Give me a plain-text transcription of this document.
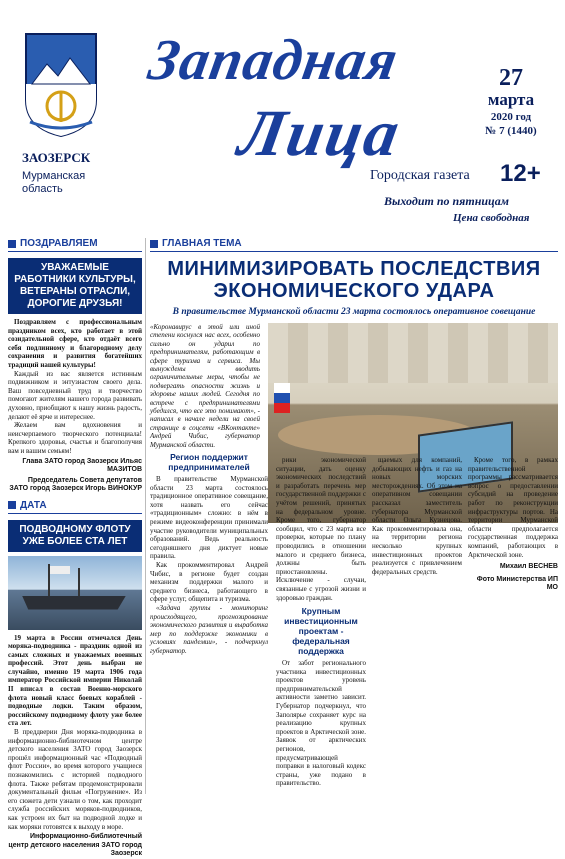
ЗАОЗЕРСК
Мурманская область
Западная
Лица
27
марта
2020 год
№ 7 (1440)
Городская газета 12+
Выходит по пятницам
Цена свободная
ПОЗДРАВЛЯЕМ
УВАЖАЕМЫЕ РАБОТНИКИ КУЛЬТУРЫ, ВЕТЕРАНЫ ОТРАСЛИ, ДОРОГИЕ ДРУЗЬЯ!

Поздравляем с профессиональным праздником всех, кто работает в этой созидательной сфере, кто отдаёт всего себя подлинному и благородному делу сохранения и развития богатейших традиций нашей культуры!

Каждый из вас является истинным подвижником и энтузиастом своего дела. Ваш повседневный труд и творчество помогают жителям нашего города развивать духовно, приобщают к нашу жизнь радость, делают её ярче и интереснее.

Желаем вам вдохновения и неисчерпаемого творческого потенциала! Крепкого здоровья, счастья и благополучия вам и вашим семьям!

Глава ЗАТО город Заозерск Ильяс МАЗИТОВ
Председатель Совета депутатов ЗАТО город Заозерск Игорь ВИНОКУР
ДАТА
ПОДВОДНОМУ ФЛОТУ УЖЕ БОЛЕЕ СТА ЛЕТ

19 марта в России отмечался День моряка-подводника - праздник одной из самых сложных и уважаемых военных профессий. Этот день выбран не случайно, именно 19 марта 1906 года император Российской империи Николай II вписал в состав Военно-морского флота новый класс боевых кораблей - подводные лодки. Таким образом, российскому подводному флоту уже более ста лет.

В преддверии Дня моряка-подводника в информационно-библиотечном центре детского населения ЗАТО город Заозерск прошёл информационный час «Подводный флот России», во время которого учащиеся познакомились с историей подводного флота. Также ребятам продемонстрировали документальный фильм «Погружение». Из его сюжета дети узнали о том, как проходит служба российских моряков-подводников, как устроен их быт на подводной лодке и как моряки готовятся к выходу в море.

Информационно-библиотечный центр детского населения ЗАТО город Заозерск
ГЛАВНАЯ ТЕМА
МИНИМИЗИРОВАТЬ ПОСЛЕДСТВИЯ ЭКОНОМИЧЕСКОГО УДАРА
В правительстве Мурманской области 23 марта состоялось оперативное совещание
«Коронавирус в этой или иной степени коснулся нас всех, особенно сильно он ударил по предпринимателям, работающим в сфере туризма и сервиса. Мы вынуждены вводить ограничительные меры, чтобы не подвергать опасности жизнь и здоровье наших людей. Сегодня по встрече с предпринимателями убедился, что все это понимают», - написал в начале недели на своей странице в соцсети «ВКонтакте» Андрей Чибис, губернатор Мурманской области.
Регион поддержит предпринимателей

В правительстве Мурманской области 23 марта состоялось традиционное оперативное совещание, хотя назвать его сейчас «традиционным» сложно: в нём в режиме видеоконференции принимали участие руководители муниципальных образований. Ведь реальность сегодняшнего дня диктует новые правила.

Как прокомментировал Андрей Чибис, в регионе будет создан механизм поддержки малого и среднего бизнеса, работающего в сфере услуг, общепита и туризма.

«Задача группы - мониторинг происходящего, прогнозирование экономического развития и выработка мер по поддержке экономики в условиях пандемии», - подчеркнул губернатор.

рики экономической ситуации, дать оценку экономических последствий и разработать перечень мер государственной поддержки с учётом решений, принятых на федеральном уровне. Кроме того, губернатор сообщил, что с 23 марта все проверки, которые по плану проводились в отношении малого и среднего бизнеса, должны быть приостановлены. Исключение - случаи, связанные с угрозой жизни и здоровью граждан.

Крупным инвестиционным проектам - федеральная поддержка

От забот регионального участника инвестиционных проектов уровень предпринимательской активности заметно зависит. Губернатор подчеркнул, что Заполярье сохраняет курс на реализацию крупных проектов в Арктической зоне. Заявок от арктических регионов, предусматривающей поправки в налоговый кодекс страны, уже подано в правительство.

щаемых для компаний, добывающих нефть и газ на новых морских месторождениях. Об этом на оперативном совещании рассказал заместитель губернатора Мурманской области Ольга Кузнецова. Как прокомментировала она, на территории региона несколько крупных инвестиционных проектов реализуется с привлечением федеральных средств.

Кроме того, в рамках правительственной программы рассматривается вопрос о предоставлении субсидий на проведение работ по реконструкции инфраструктуры портов. На территории Мурманской области предполагается государственная поддержка компаний, работающих в Арктической зоне.

Михаил ВЕСНЕВ
Фото Министерства ИП МО
